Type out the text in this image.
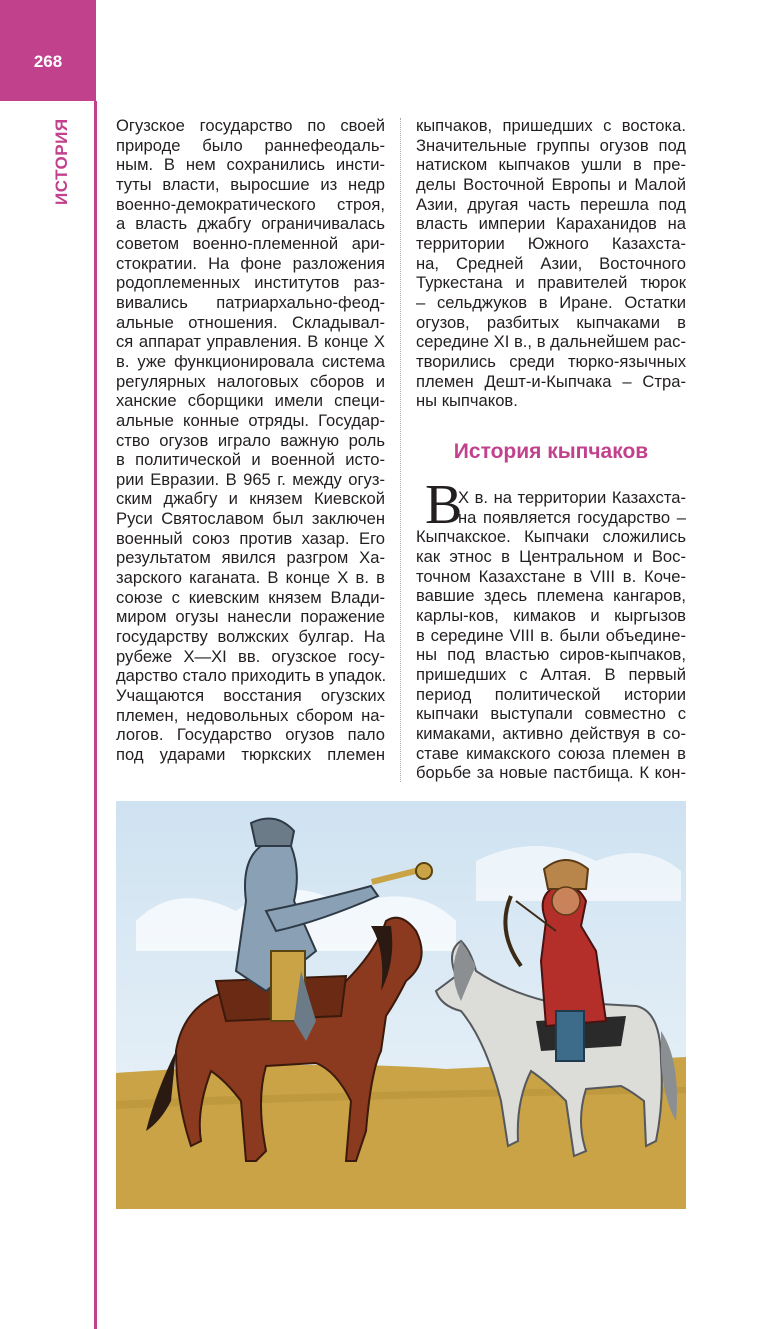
268
ИСТОРИЯ	Огузское государство по своей
природе было раннефеодаль-
ным. В нем сохранились инсти-
туты власти, выросшие из недр
военно-демократического строя,
а власть джабгу ограничивалась
советом военно-племенной ари-
стократии. На фоне разложения
родоплеменных институтов раз-
вивались патриархально-феод-
альные отношения. Складывал-
ся аппарат управления. В конце X
в. уже функционировала система
регулярных налоговых сборов и
ханские сборщики имели специ-
альные конные отряды. Государ-
ство огузов играло важную роль
в политической и военной исто-
рии Евразии. В 965 г. между огуз-
ским джабгу и князем Киевской
Руси Святославом был заключен
военный союз против хазар. Его
результатом явился разгром Ха-
зарского каганата. В конце X в. в
союзе с киевским князем Влади-
миром огузы нанесли поражение
государству волжских булгар. На
рубеже X—XI вв. огузское госу-
дарство стало приходить в упадок.
Учащаются восстания огузских
племен, недовольных сбором на-
логов. Государство огузов пало
под ударами тюркских племен
кыпчаков, пришедших с востока.
Значительные группы огузов под
натиском кыпчаков ушли в пре-
делы Восточной Европы и Малой
Азии, другая часть перешла под
власть империи Караханидов на
территории Южного Казахста-
на, Средней Азии, Восточного
Туркестана и правителей тюрок
– сельджуков в Иране. Остатки
огузов, разбитых кыпчаками в
середине XI в., в дальнейшем рас-
творились среди тюрко-язычных
племен Дешт-и-Кыпчака – Стра-
ны кыпчаков.
История кыпчаков
В
X в. на территории Казахста-
на появляется государство –
Кыпчакское. Кыпчаки сложились
как этнос в Центральном и Вос-
точном Казахстане в VIII в. Коче-
вавшие здесь племена кангаров,
карлы-ков, кимаков и кыргызов
в середине VIII в. были объедине-
ны под властью сиров-кыпчаков,
пришедших с Алтая. В первый
период политической истории
кыпчаки выступали совместно с
кимаками, активно действуя в со-
ставе кимакского союза племен в
борьбе за новые пастбища. К кон-
